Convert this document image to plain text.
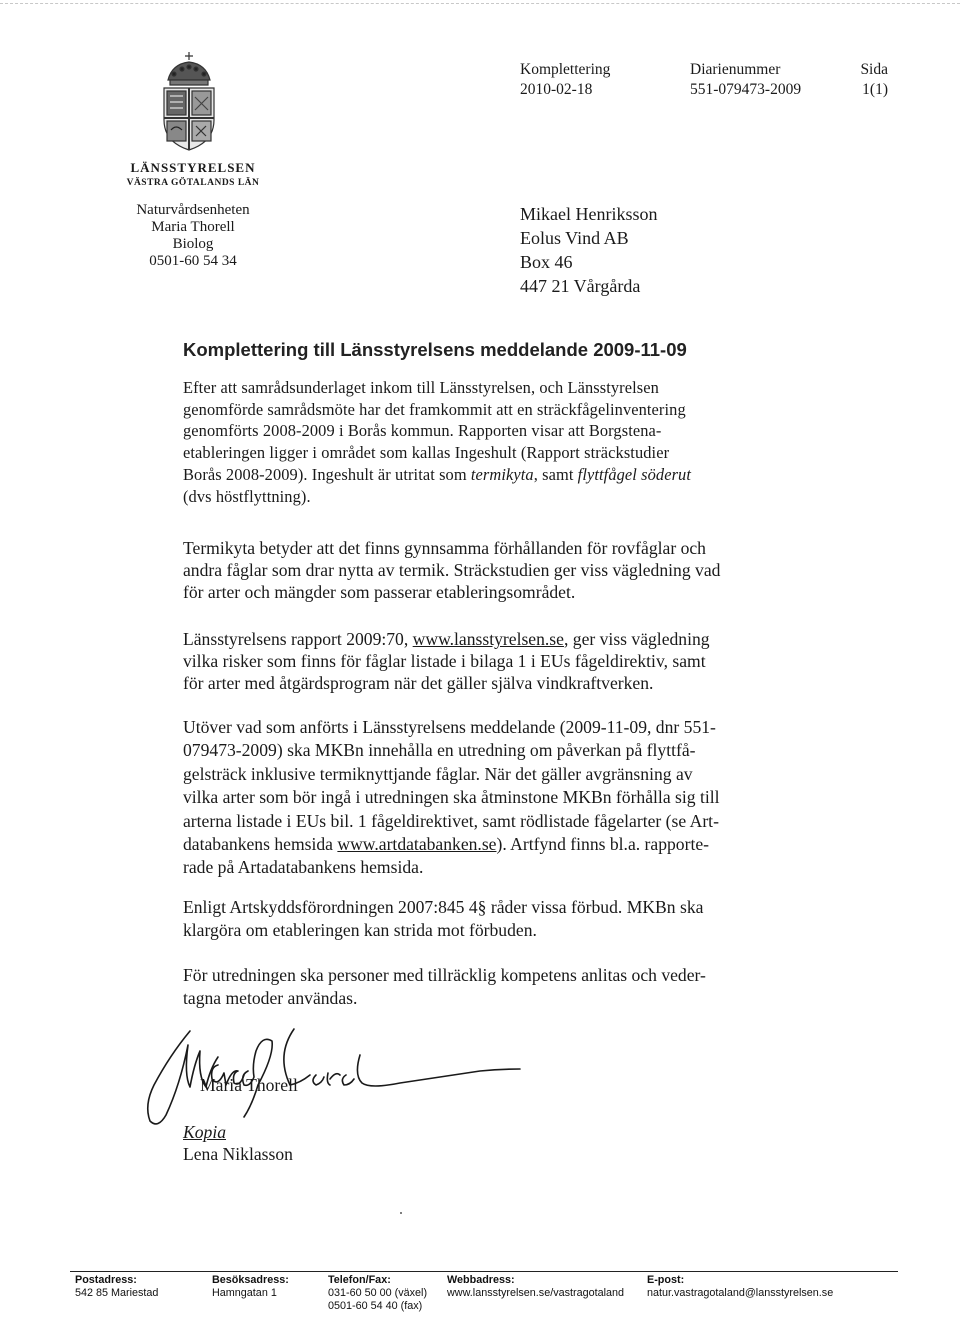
LÄNSSTYRELSEN
VÄSTRA GÖTALANDS LÄN
Naturvårdsenheten
Maria Thorell
Biolog
0501-60 54 34
Komplettering
2010-02-18
Diarienummer
551-079473-2009
Sida
1(1)
Mikael Henriksson
Eolus Vind AB
Box 46
447 21 Vårgårda
Komplettering till Länsstyrelsens meddelande 2009-11-09
Efter att samrådsunderlaget inkom till Länsstyrelsen, och Länsstyrelsen
genomförde samrådsmöte har det framkommit att en sträckfågelinventering
genomförts 2008-2009 i Borås kommun. Rapporten visar att Borgstena-
etableringen ligger i området som kallas Ingeshult (Rapport sträckstudier
Borås 2008-2009). Ingeshult är utritat som termikyta, samt flyttfågel söderut
(dvs höstflyttning).
Termikyta betyder att det finns gynnsamma förhållanden för rovfåglar och
andra fåglar som drar nytta av termik. Sträckstudien ger viss vägledning vad
för arter och mängder som passerar etableringsområdet.
Länsstyrelsens rapport 2009:70, www.lansstyrelsen.se, ger viss vägledning
vilka risker som finns för fåglar listade i bilaga 1 i EUs fågeldirektiv, samt
för arter med åtgärdsprogram när det gäller själva vindkraftverken.
Utöver vad som anförts i Länsstyrelsens meddelande (2009-11-09, dnr 551-
079473-2009) ska MKBn innehålla en utredning om påverkan på flyttfå-
gelsträck inklusive termiknyttjande fåglar. När det gäller avgränsning av
vilka arter som bör ingå i utredningen ska åtminstone MKBn förhålla sig till
arterna listade i EUs bil. 1 fågeldirektivet, samt rödlistade fågelarter (se Art-
databankens hemsida www.artdatabanken.se). Artfynd finns bl.a. rapporte-
rade på Artadatabankens hemsida.
Enligt Artskyddsförordningen 2007:845 4§ råder vissa förbud. MKBn ska
klargöra om etableringen kan strida mot förbuden.
För utredningen ska personer med tillräcklig kompetens anlitas och veder-
tagna metoder användas.
Maria Thorell
Kopia
Lena Niklasson
Postadress:
542 85 Mariestad
Besöksadress:
Hamngatan 1
Telefon/Fax:
031-60 50 00 (växel)
0501-60 54 40 (fax)
Webbadress:
www.lansstyrelsen.se/vastragotaland
E-post:
natur.vastragotaland@lansstyrelsen.se
